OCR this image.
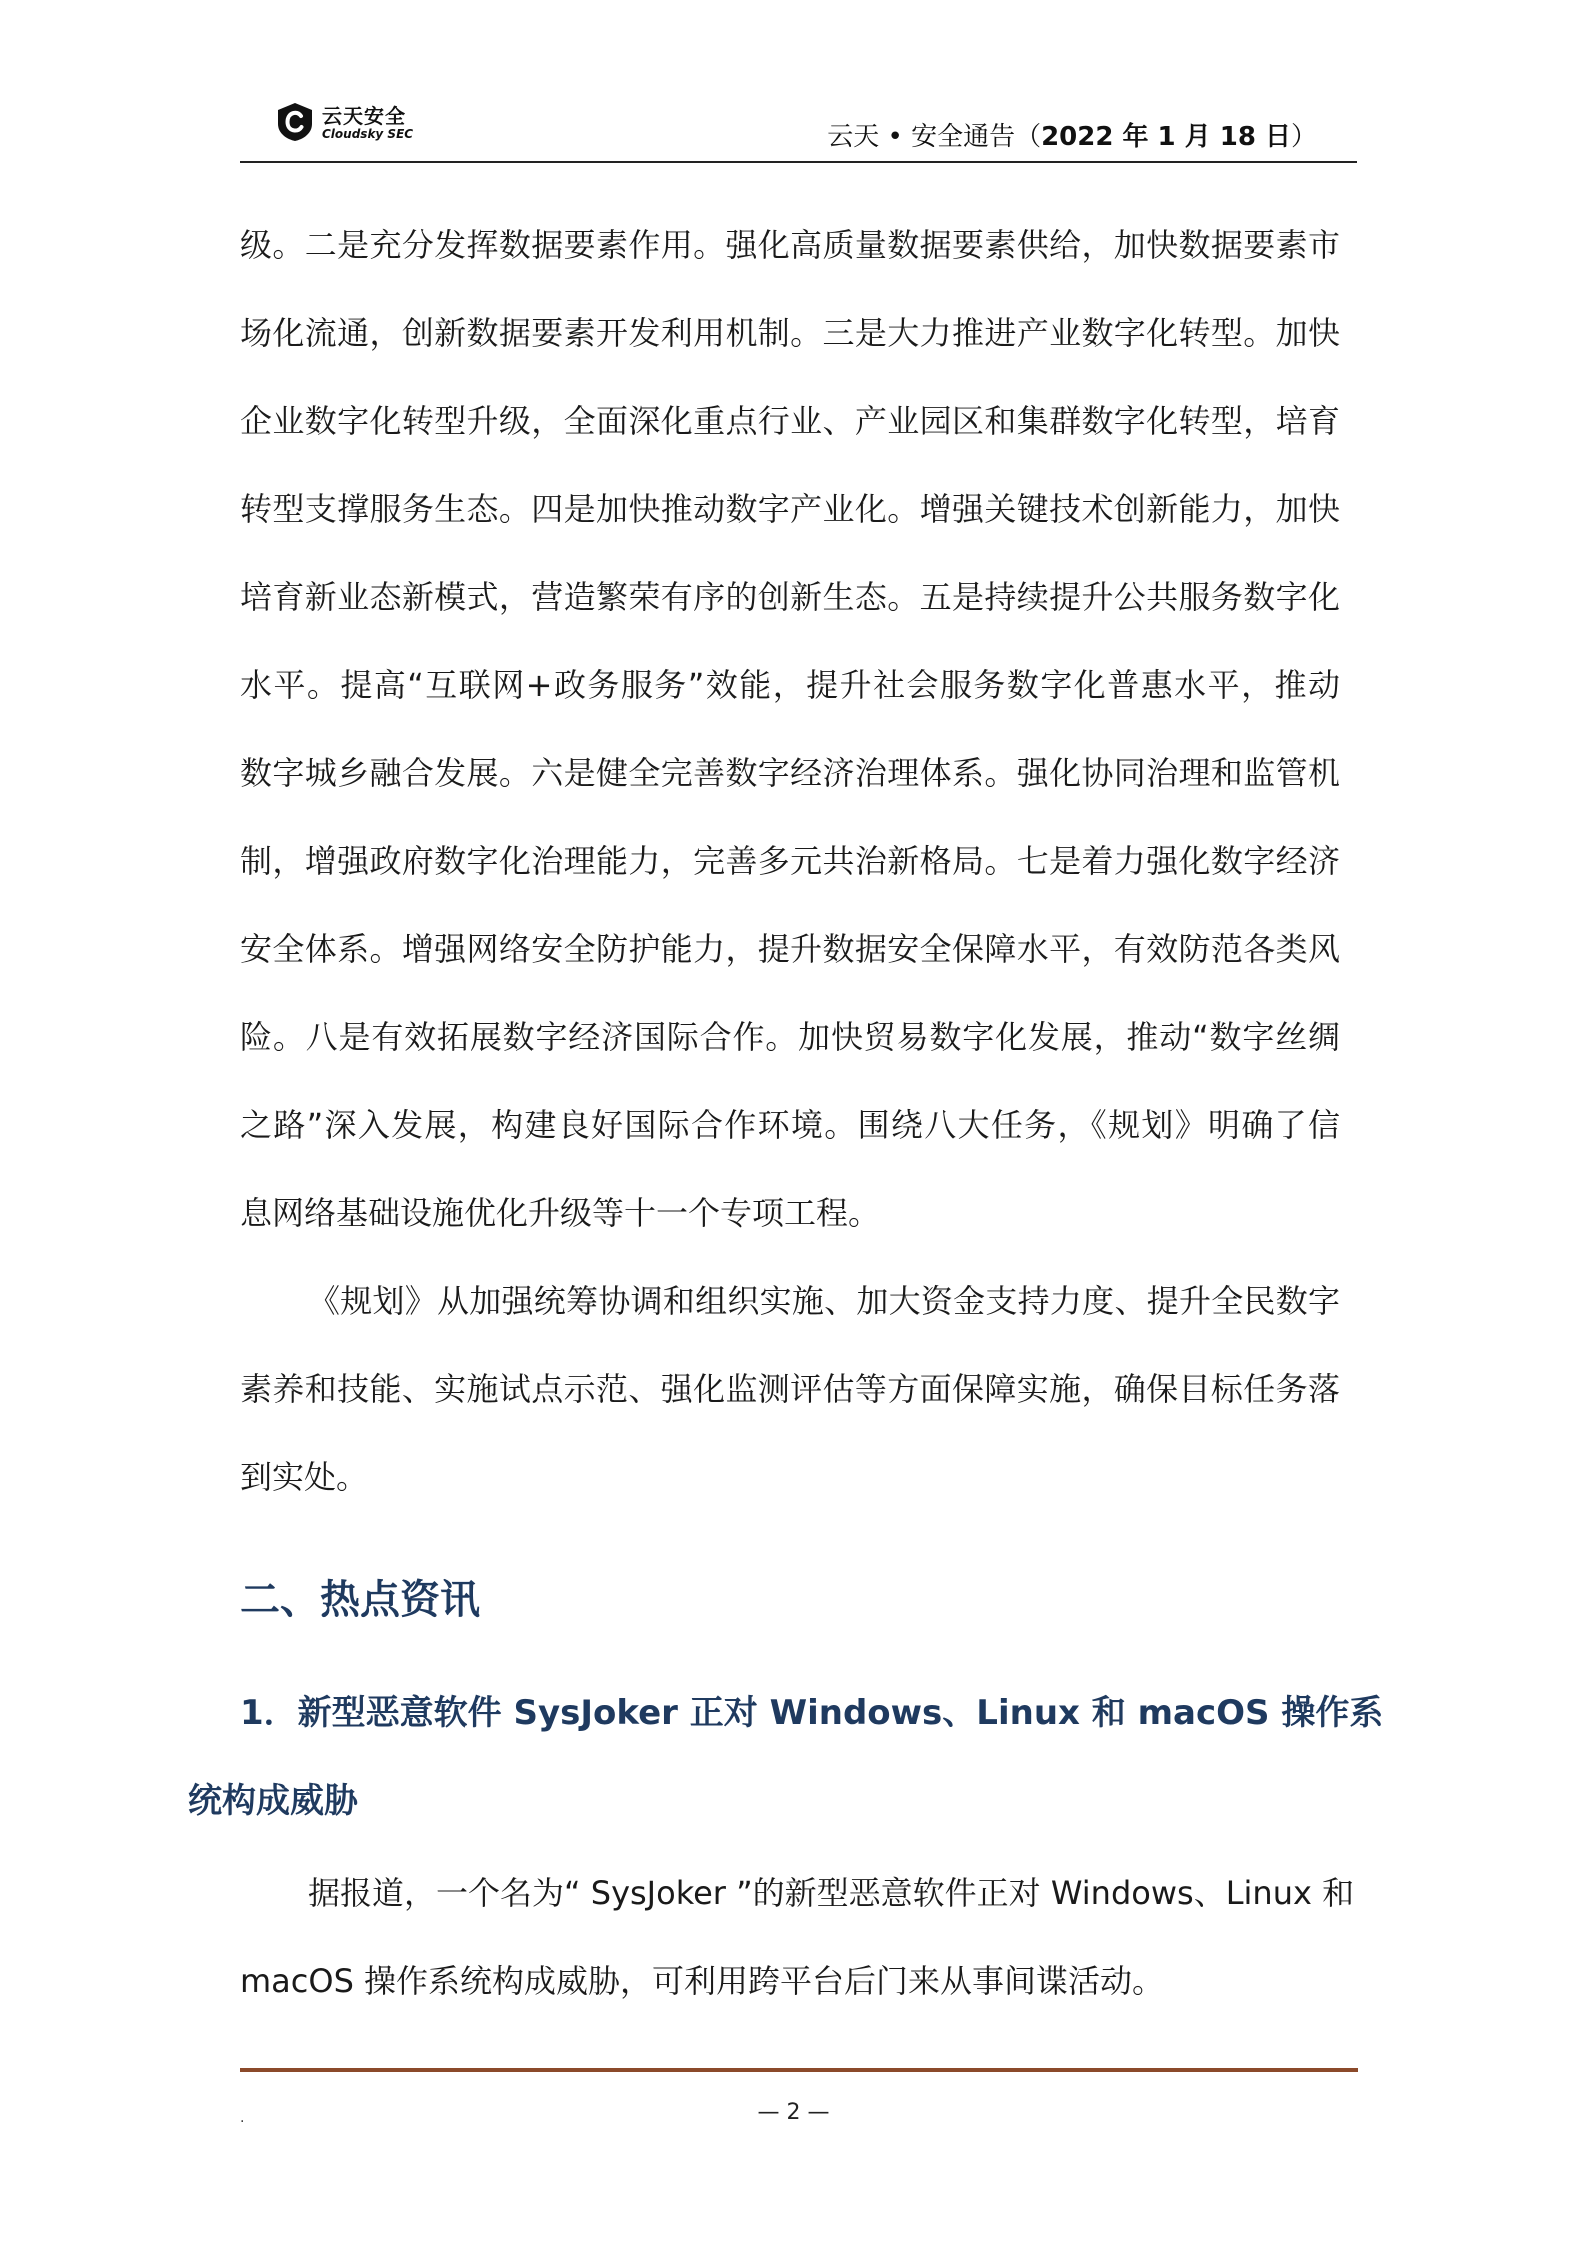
云天安全
Cloudsky SEC	云天 • 安全通告（2022 年 1 月 18 日）
级。二是充分发挥数据要素作用。强化高质量数据要素供给，加快数据要素市
场化流通，创新数据要素开发利用机制。三是大力推进产业数字化转型。加快
企业数字化转型升级，全面深化重点行业、产业园区和集群数字化转型，培育
转型支撑服务生态。四是加快推动数字产业化。增强关键技术创新能力，加快
培育新业态新模式，营造繁荣有序的创新生态。五是持续提升公共服务数字化
水平。提高“互联网+政务服务”效能，提升社会服务数字化普惠水平，推动
数字城乡融合发展。六是健全完善数字经济治理体系。强化协同治理和监管机
制，增强政府数字化治理能力，完善多元共治新格局。七是着力强化数字经济
安全体系。增强网络安全防护能力，提升数据安全保障水平，有效防范各类风
险。八是有效拓展数字经济国际合作。加快贸易数字化发展，推动“数字丝绸
之路”深入发展，构建良好国际合作环境。围绕八大任务，《规划》明确了信
息网络基础设施优化升级等十一个专项工程。
《规划》从加强统筹协调和组织实施、加大资金支持力度、提升全民数字
素养和技能、实施试点示范、强化监测评估等方面保障实施，确保目标任务落
到实处。
二、热点资讯
1．新型恶意软件 SysJoker 正对 Windows、Linux 和 macOS 操作系
统构成威胁
据报道，一个名为“ SysJoker ”的新型恶意软件正对 Windows、Linux 和
macOS 操作系统构成威胁，可利用跨平台后门来从事间谍活动。
.	— 2 —
